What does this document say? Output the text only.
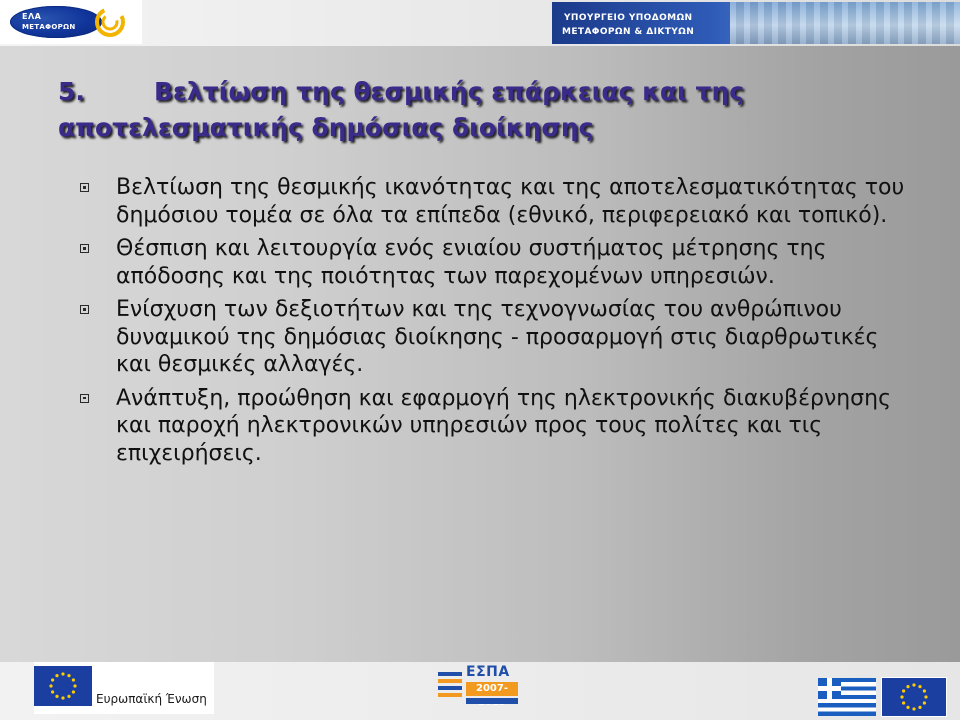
ΕΛΑ
ΜΕΤΑΦΟΡΩΝ
ΥΠΟΥΡΓΕΙΟ ΥΠΟΔΟΜΩΝ
ΜΕΤΑΦΟΡΩΝ & ΔΙΚΤΥΩΝ
5.	Βελτίωση της θεσμικής επάρκειας και της αποτελεσματικής δημόσιας διοίκησης
Βελτίωση της θεσμικής ικανότητας και της αποτελεσματικότητας του δημόσιου τομέα σε όλα τα επίπεδα (εθνικό, περιφερειακό και τοπικό).
Θέσπιση και λειτουργία ενός ενιαίου συστήματος μέτρησης της απόδοσης και της ποιότητας των παρεχομένων υπηρεσιών.
Ενίσχυση των δεξιοτήτων και της τεχνογνωσίας του ανθρώπινου δυναμικού της δημόσιας διοίκησης - προσαρμογή στις διαρθρωτικές και θεσμικές αλλαγές.
Ανάπτυξη, προώθηση και εφαρμογή της ηλεκτρονικής διακυβέρνησης και παροχή ηλεκτρονικών υπηρεσιών προς τους πολίτες και τις επιχειρήσεις.
Ευρωπαϊκή Ένωση
ΕΣΠΑ
2007-
